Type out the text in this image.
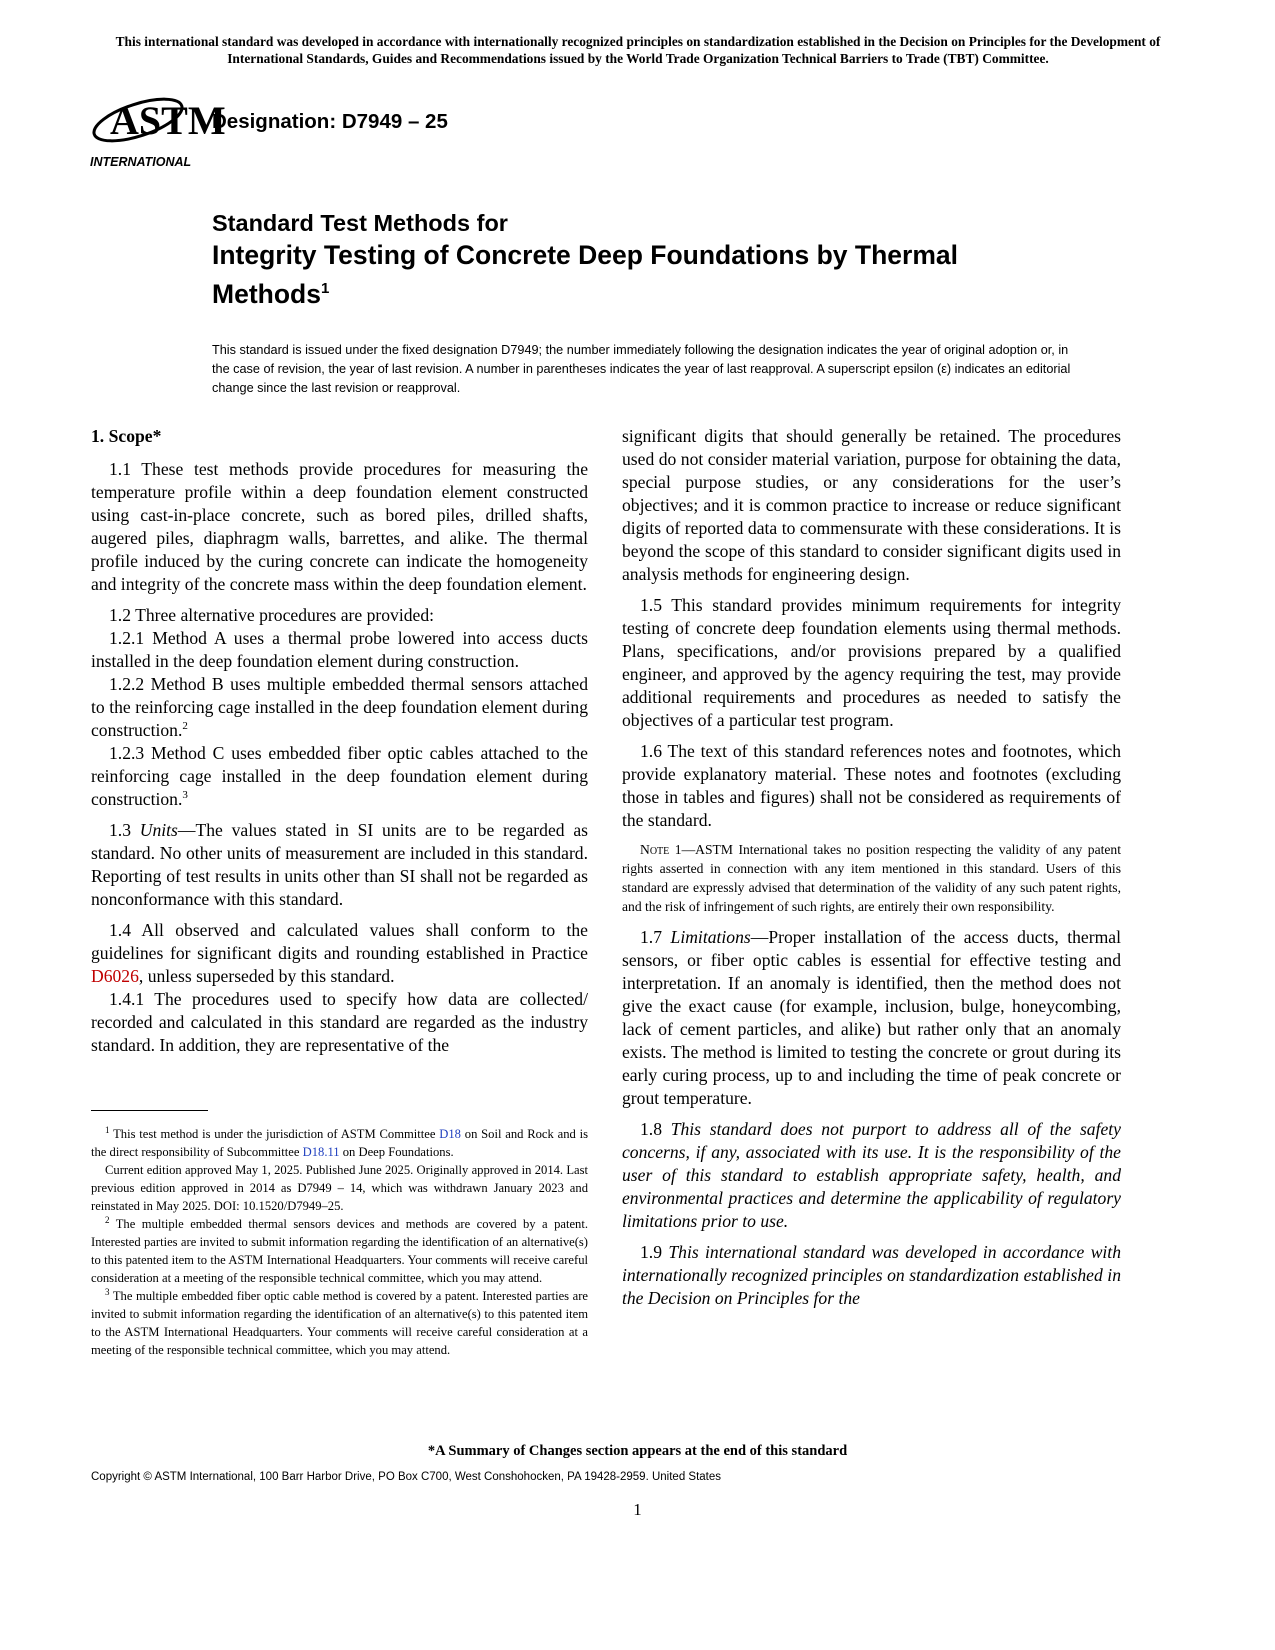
This international standard was developed in accordance with internationally recognized principles on standardization established in the Decision on Principles for the Development of International Standards, Guides and Recommendations issued by the World Trade Organization Technical Barriers to Trade (TBT) Committee.
ASTM
INTERNATIONAL
Designation: D7949 – 25
Standard Test Methods for
Integrity Testing of Concrete Deep Foundations by Thermal Methods$^1$
This standard is issued under the fixed designation D7949; the number immediately following the designation indicates the year of original adoption or, in the case of revision, the year of last revision. A number in parentheses indicates the year of last reapproval. A superscript epsilon (ε) indicates an editorial change since the last revision or reapproval.
1. Scope*

1.1 These test methods provide procedures for measuring the temperature profile within a deep foundation element constructed using cast-in-place concrete, such as bored piles, drilled shafts, augered piles, diaphragm walls, barrettes, and alike. The thermal profile induced by the curing concrete can indicate the homogeneity and integrity of the concrete mass within the deep foundation element.

1.2 Three alternative procedures are provided:

1.2.1 Method A uses a thermal probe lowered into access ducts installed in the deep foundation element during construction.

1.2.2 Method B uses multiple embedded thermal sensors attached to the reinforcing cage installed in the deep foundation element during construction.$^2$

1.2.3 Method C uses embedded fiber optic cables attached to the reinforcing cage installed in the deep foundation element during construction.$^3$

1.3 Units—The values stated in SI units are to be regarded as standard. No other units of measurement are included in this standard. Reporting of test results in units other than SI shall not be regarded as nonconformance with this standard.

1.4 All observed and calculated values shall conform to the guidelines for significant digits and rounding established in Practice D6026, unless superseded by this standard.

1.4.1 The procedures used to specify how data are collected/ recorded and calculated in this standard are regarded as the industry standard. In addition, they are representative of the

significant digits that should generally be retained. The procedures used do not consider material variation, purpose for obtaining the data, special purpose studies, or any considerations for the user’s objectives; and it is common practice to increase or reduce significant digits of reported data to commensurate with these considerations. It is beyond the scope of this standard to consider significant digits used in analysis methods for engineering design.

1.5 This standard provides minimum requirements for integrity testing of concrete deep foundation elements using thermal methods. Plans, specifications, and/or provisions prepared by a qualified engineer, and approved by the agency requiring the test, may provide additional requirements and procedures as needed to satisfy the objectives of a particular test program.

1.6 The text of this standard references notes and footnotes, which provide explanatory material. These notes and footnotes (excluding those in tables and figures) shall not be considered as requirements of the standard.

Note 1—ASTM International takes no position respecting the validity of any patent rights asserted in connection with any item mentioned in this standard. Users of this standard are expressly advised that determination of the validity of any such patent rights, and the risk of infringement of such rights, are entirely their own responsibility.

1.7 Limitations—Proper installation of the access ducts, thermal sensors, or fiber optic cables is essential for effective testing and interpretation. If an anomaly is identified, then the method does not give the exact cause (for example, inclusion, bulge, honeycombing, lack of cement particles, and alike) but rather only that an anomaly exists. The method is limited to testing the concrete or grout during its early curing process, up to and including the time of peak concrete or grout temperature.

1.8 This standard does not purport to address all of the safety concerns, if any, associated with its use. It is the responsibility of the user of this standard to establish appropriate safety, health, and environmental practices and determine the applicability of regulatory limitations prior to use.

1.9 This international standard was developed in accordance with internationally recognized principles on standardization established in the Decision on Principles for the

$^1$ This test method is under the jurisdiction of ASTM Committee D18 on Soil and Rock and is the direct responsibility of Subcommittee D18.11 on Deep Foundations.

Current edition approved May 1, 2025. Published June 2025. Originally approved in 2014. Last previous edition approved in 2014 as D7949 – 14, which was withdrawn January 2023 and reinstated in May 2025. DOI: 10.1520/D7949–25.

$^2$ The multiple embedded thermal sensors devices and methods are covered by a patent. Interested parties are invited to submit information regarding the identification of an alternative(s) to this patented item to the ASTM International Headquarters. Your comments will receive careful consideration at a meeting of the responsible technical committee, which you may attend.

$^3$ The multiple embedded fiber optic cable method is covered by a patent. Interested parties are invited to submit information regarding the identification of an alternative(s) to this patented item to the ASTM International Headquarters. Your comments will receive careful consideration at a meeting of the responsible technical committee, which you may attend.

*A Summary of Changes section appears at the end of this standard
Copyright © ASTM International, 100 Barr Harbor Drive, PO Box C700, West Conshohocken, PA 19428-2959. United States
1
